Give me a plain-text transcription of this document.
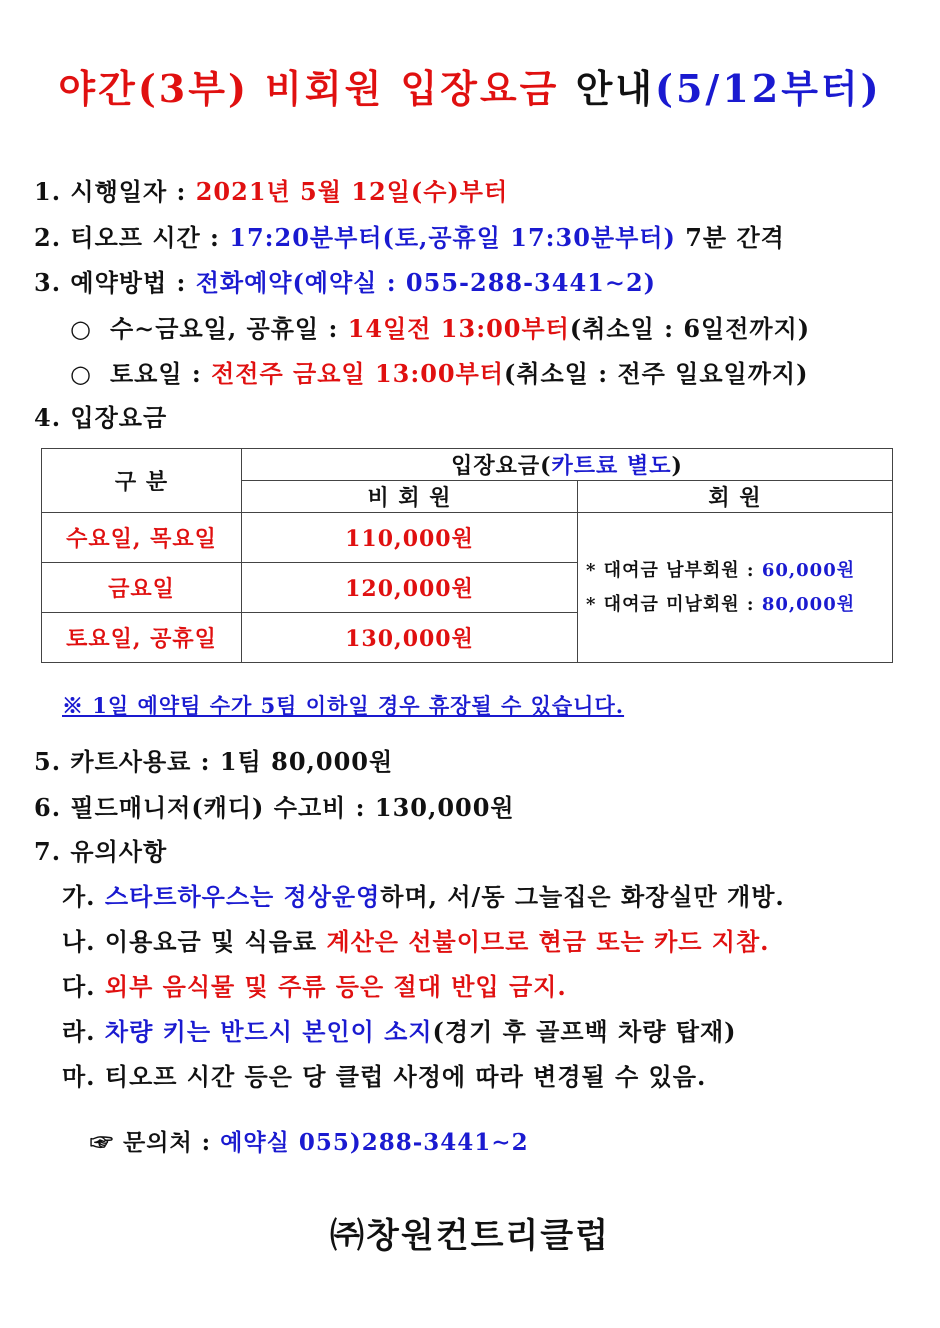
야간(3부) 비회원 입장요금 안내(5/12부터)
1. 시행일자 : 2021년 5월 12일(수)부터
2. 티오프 시간 : 17:20분부터(토,공휴일 17:30분부터) 7분 간격
3. 예약방법 : 전화예약(예약실 : 055-288-3441∼2)
○ 수∼금요일, 공휴일 : 14일전 13:00부터(취소일 : 6일전까지)
○ 토요일 : 전전주 금요일 13:00부터(취소일 : 전주 일요일까지)
4. 입장요금
구 분	입장요금(카트료 별도)	
	비 회 원	회 원
수요일, 목요일	110,000원	* 대여금 남부회원 : 60,000원
* 대여금 미남회원 : 80,000원

금요일	120,000원	
토요일, 공휴일	130,000원	
※ 1일 예약팀 수가 5팀 이하일 경우 휴장될 수 있습니다.
5. 카트사용료 : 1팀 80,000원
6. 필드매니저(캐디) 수고비 : 130,000원
7. 유의사항
가. 스타트하우스는 정상운영하며, 서/동 그늘집은 화장실만 개방.
나. 이용요금 및 식음료 계산은 선불이므로 현금 또는 카드 지참.
다. 외부 음식물 및 주류 등은 절대 반입 금지.
라. 차량 키는 반드시 본인이 소지(경기 후 골프백 차량 탑재)
마. 티오프 시간 등은 당 클럽 사정에 따라 변경될 수 있음.
☞ 문의처 : 예약실 055)288-3441∼2
㈜창원컨트리클럽
